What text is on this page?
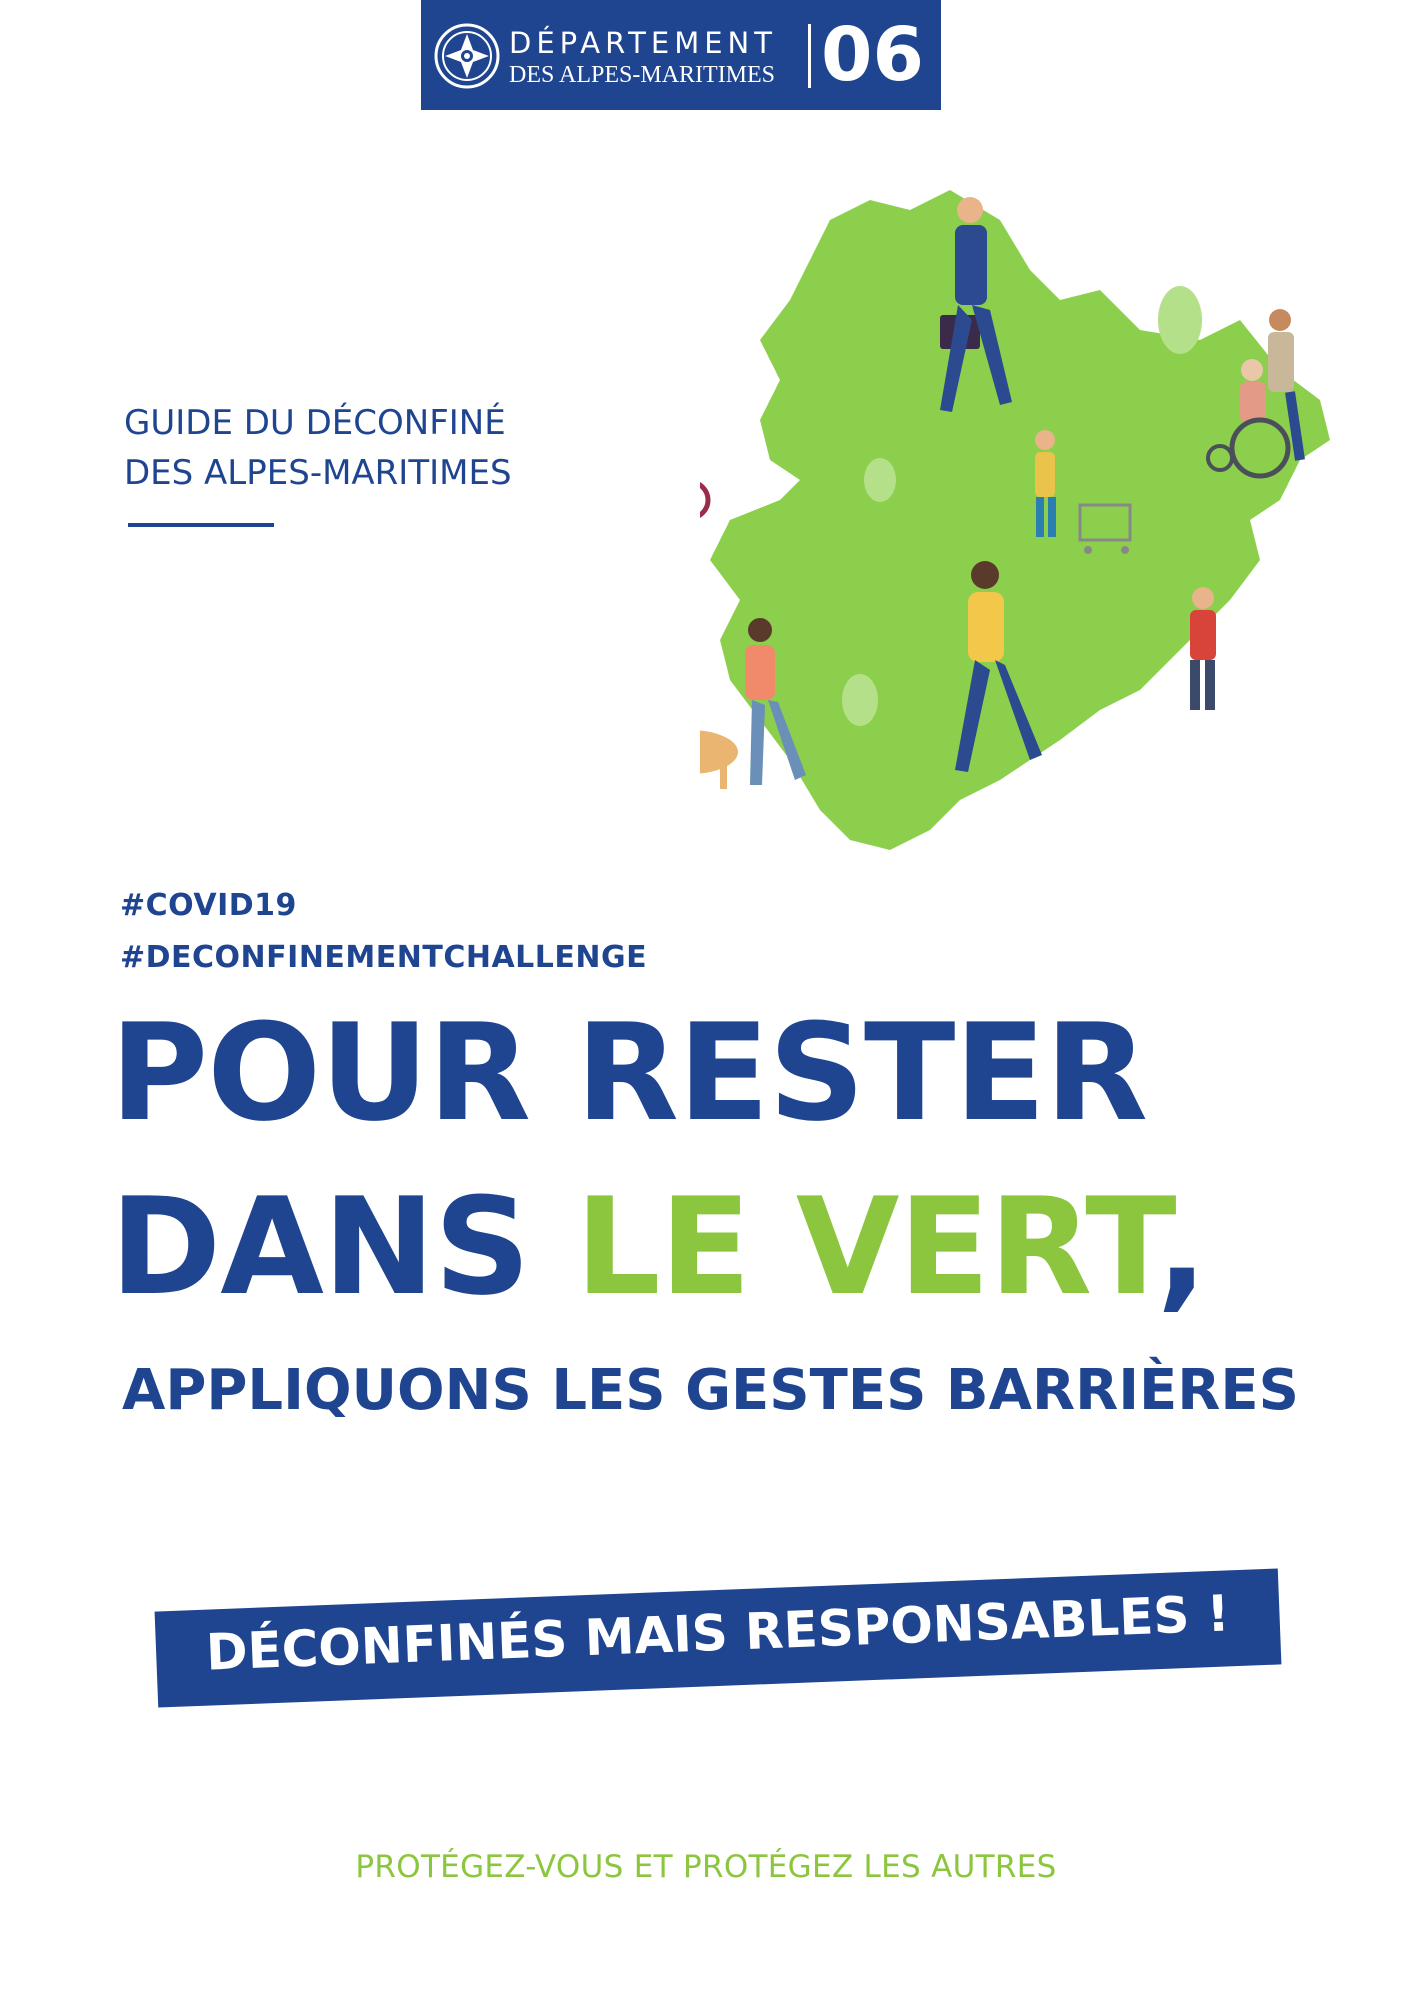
DÉPARTEMENT
DES ALPES-MARITIMES 06
GUIDE DU DÉCONFINÉ
DES ALPES-MARITIMES
#COVID19
#DECONFINEMENTCHALLENGE
POUR RESTER
DANS LE VERT,
APPLIQUONS LES GESTES BARRIÈRES
DÉCONFINÉS MAIS RESPONSABLES !
PROTÉGEZ-VOUS ET PROTÉGEZ LES AUTRES
